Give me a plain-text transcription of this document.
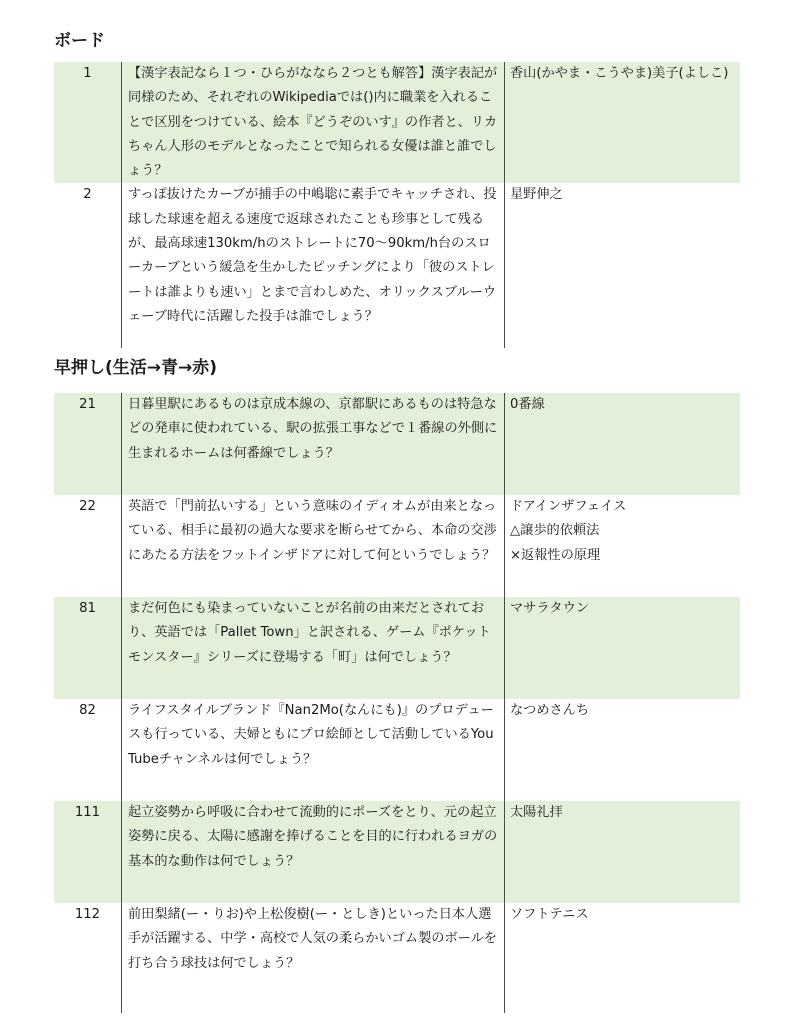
ボード
1	【漢字表記なら１つ・ひらがななら２つとも解答】漢字表記が同様のため、それぞれのWikipediaでは()内に職業を入れることで区別をつけている、絵本『どうぞのいす』の作者と、リカちゃん人形のモデルとなったことで知られる女優は誰と誰でしょう？	香山(かやま・こうやま)美子(よしこ)
2	すっぽ抜けたカーブが捕手の中嶋聡に素手でキャッチされ、投球した球速を超える速度で返球されたことも珍事として残るが、最高球速130km/hのストレートに70〜90km/h台のスローカーブという緩急を生かしたピッチングにより「彼のストレートは誰よりも速い」とまで言わしめた、オリックスブルーウェーブ時代に活躍した投手は誰でしょう？	星野伸之
早押し(生活→青→赤)
21	日暮里駅にあるものは京成本線の、京都駅にあるものは特急などの発車に使われている、駅の拡張工事などで１番線の外側に生まれるホームは何番線でしょう？	0番線
22	英語で「門前払いする」という意味のイディオムが由来となっている、相手に最初の過大な要求を断らせてから、本命の交渉にあたる方法をフットインザドアに対して何というでしょう？	ドアインザフェイス
△譲歩的依頼法
×返報性の原理
81	まだ何色にも染まっていないことが名前の由来だとされており、英語では「Pallet Town」と訳される、ゲーム『ポケットモンスター』シリーズに登場する「町」は何でしょう？	マサラタウン
82	ライフスタイルブランド『Nan2Mo(なんにも)』のプロデュースも行っている、夫婦ともにプロ絵師として活動しているYouTubeチャンネルは何でしょう？	なつめさんち
111	起立姿勢から呼吸に合わせて流動的にポーズをとり、元の起立姿勢に戻る、太陽に感謝を捧げることを目的に行われるヨガの基本的な動作は何でしょう？	太陽礼拝
112	前田梨緒(ー・りお)や上松俊樹(ー・としき)といった日本人選手が活躍する、中学・高校で人気の柔らかいゴム製のボールを打ち合う球技は何でしょう？	ソフトテニス
